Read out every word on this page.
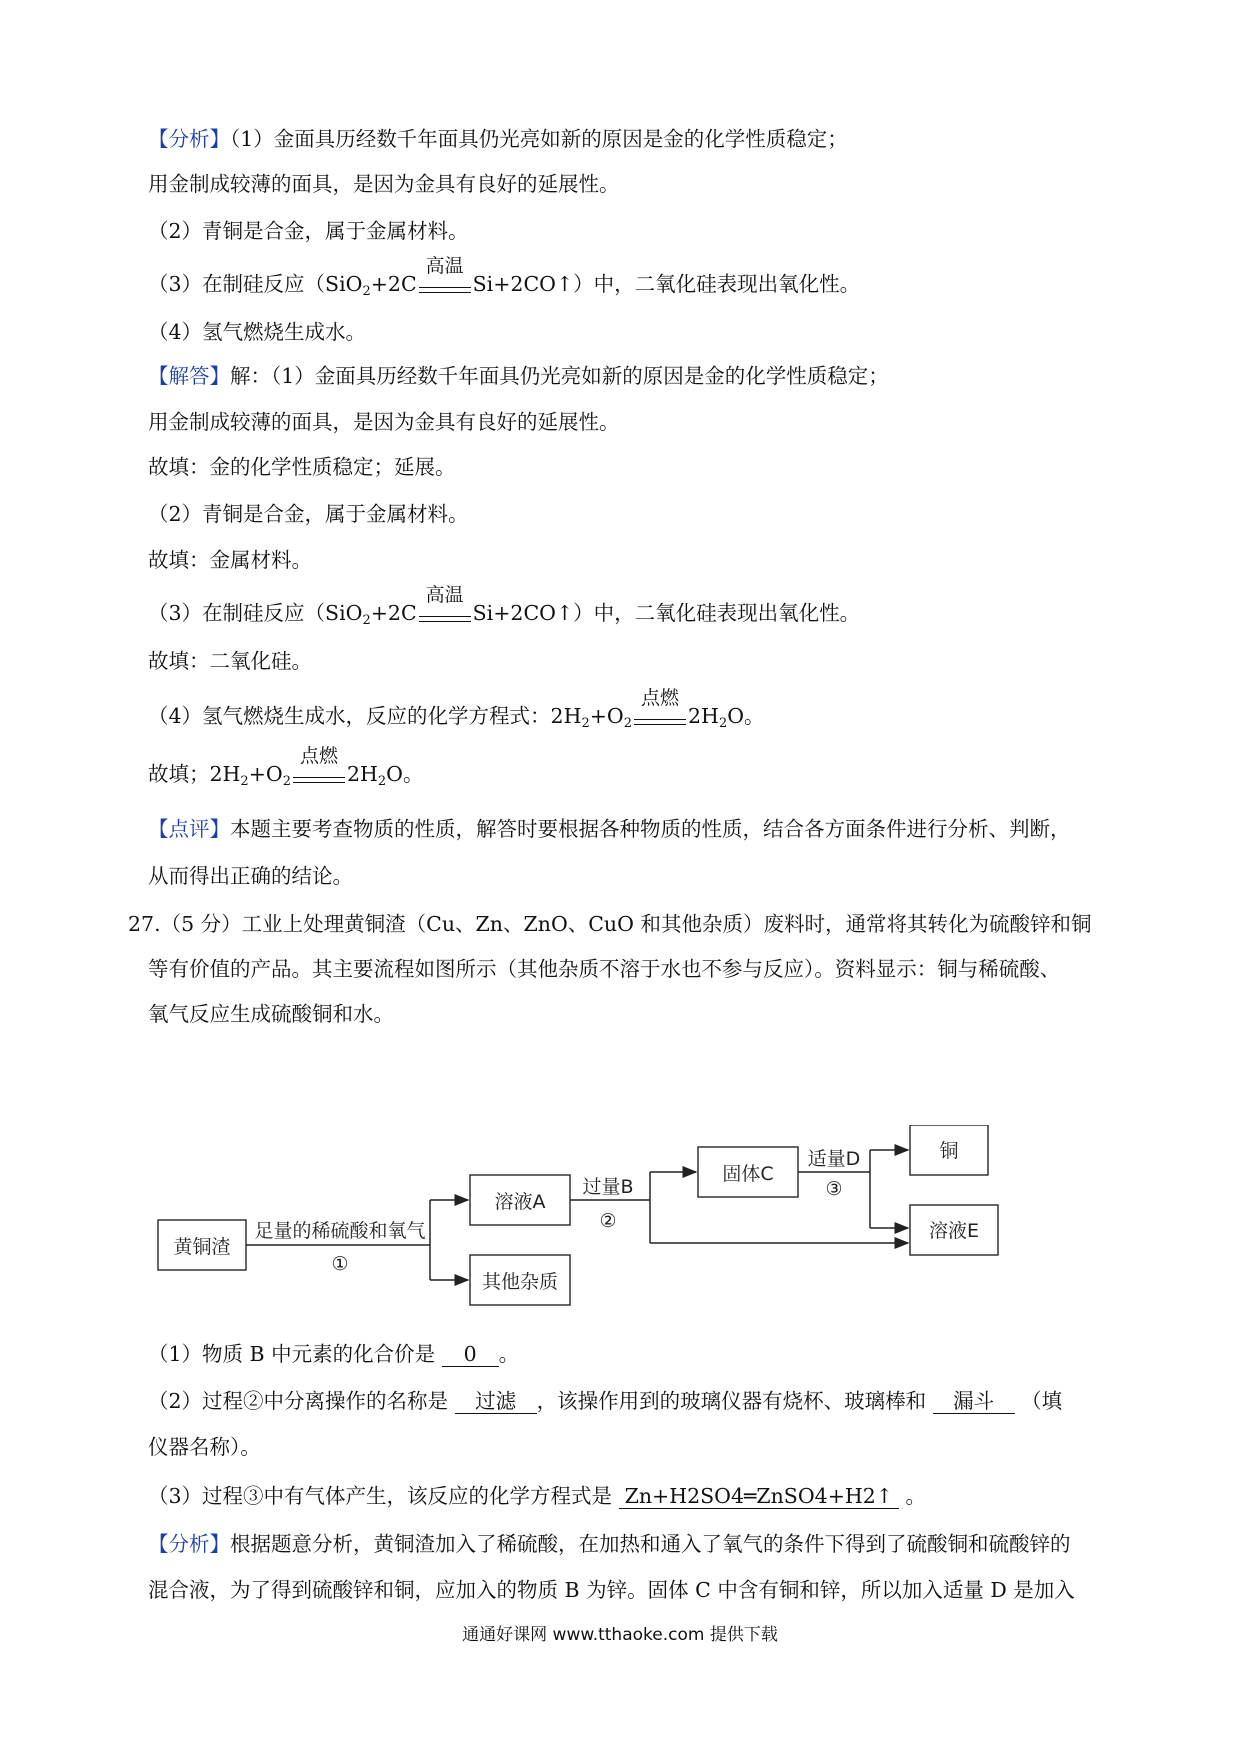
【分析】（1）金面具历经数千年面具仍光亮如新的原因是金的化学性质稳定；
用金制成较薄的面具，是因为金具有良好的延展性。
（2）青铜是合金，属于金属材料。
（3）在制硅反应（SiO$_2$+2C
高温
Si+2CO↑）中，二氧化硅表现出氧化性。
（4）氢气燃烧生成水。
【解答】解：（1）金面具历经数千年面具仍光亮如新的原因是金的化学性质稳定；
用金制成较薄的面具，是因为金具有良好的延展性。
故填：金的化学性质稳定；延展。
（2）青铜是合金，属于金属材料。
故填：金属材料。
（3）在制硅反应（SiO$_2$+2C
高温
Si+2CO↑）中，二氧化硅表现出氧化性。
故填：二氧化硅。
（4）氢气燃烧生成水，反应的化学方程式：$2H_2+O_2$
点燃
$2H_2O$。
故填；$2H_2+O_2$
点燃
$2H_2O$。
【点评】本题主要考查物质的性质，解答时要根据各种物质的性质，结合各方面条件进行分析、判断，
从而得出正确的结论。
27.（5 分）工业上处理黄铜渣（Cu、Zn、ZnO、CuO 和其他杂质）废料时，通常将其转化为硫酸锌和铜
等有价值的产品。其主要流程如图所示（其他杂质不溶于水也不参与反应）。资料显示：铜与稀硫酸、
氧气反应生成硫酸铜和水。
黄铜渣
足量的稀硫酸和氧气
①
溶液A
其他杂质
过量B
②
固体C
适量D
③
铜
溶液E
（1）物质 B 中元素的化合价是 0 。
（2）过程②中分离操作的名称是 过滤 ，该操作用到的玻璃仪器有烧杯、玻璃棒和 漏斗 （填
仪器名称）。
（3）过程③中有气体产生，该反应的化学方程式是 Zn+H2SO4═ZnSO4+H2↑ 。
【分析】根据题意分析，黄铜渣加入了稀硫酸，在加热和通入了氧气的条件下得到了硫酸铜和硫酸锌的
混合液，为了得到硫酸锌和铜，应加入的物质 B 为锌。固体 C 中含有铜和锌，所以加入适量 D 是加入
通通好课网 www.tthaoke.com 提供下载
